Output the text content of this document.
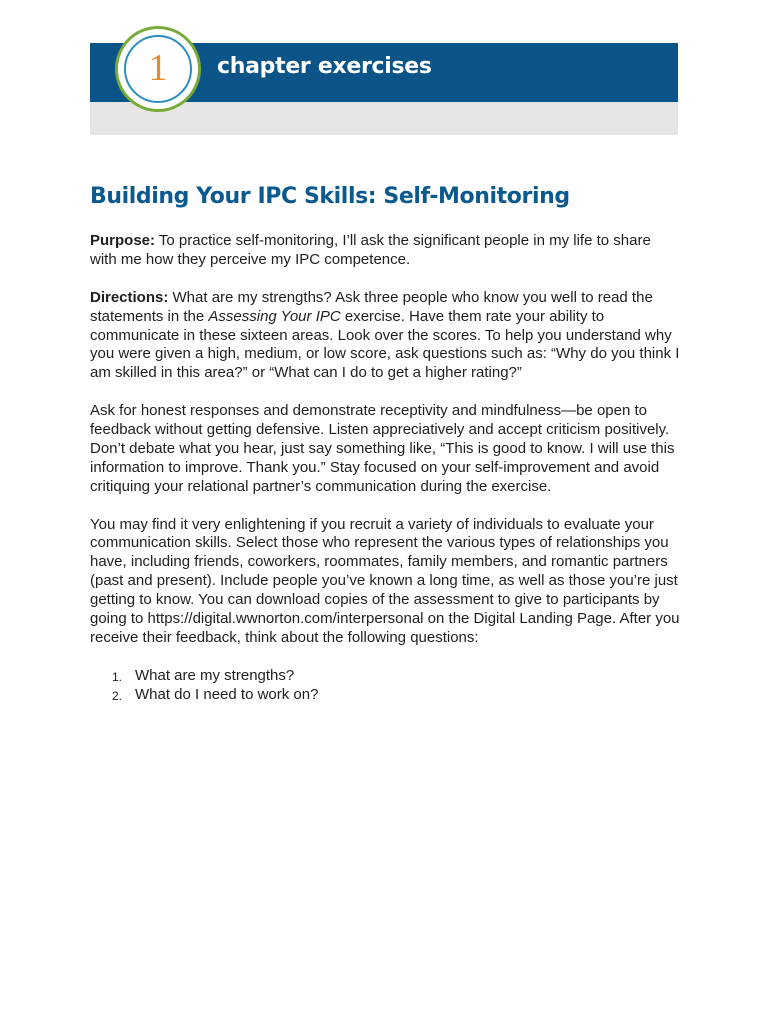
1 chapter exercises
Building Your IPC Skills: Self-Monitoring

Purpose: To practice self-monitoring, I’ll ask the significant people in my life to share with me how they perceive my IPC competence.

Directions: What are my strengths? Ask three people who know you well to read the statements in the Assessing Your IPC exercise. Have them rate your ability to communicate in these sixteen areas. Look over the scores. To help you understand why you were given a high, medium, or low score, ask questions such as: “Why do you think I am skilled in this area?” or “What can I do to get a higher rating?”

Ask for honest responses and demonstrate receptivity and mindfulness—be open to feedback without getting defensive. Listen appreciatively and accept criticism positively. Don’t debate what you hear, just say something like, “This is good to know. I will use this information to improve. Thank you.” Stay focused on your self-improvement and avoid critiquing your relational partner’s communication during the exercise.

You may find it very enlightening if you recruit a variety of individuals to evaluate your communication skills. Select those who represent the various types of relationships you have, including friends, coworkers, roommates, family members, and romantic partners (past and present). Include people you’ve known a long time, as well as those you’re just getting to know. You can download copies of the assessment to give to participants by going to https://digital.wwnorton.com/interpersonal on the Digital Landing Page. After you receive their feedback, think about the following questions:

1. What are my strengths?
2. What do I need to work on?
